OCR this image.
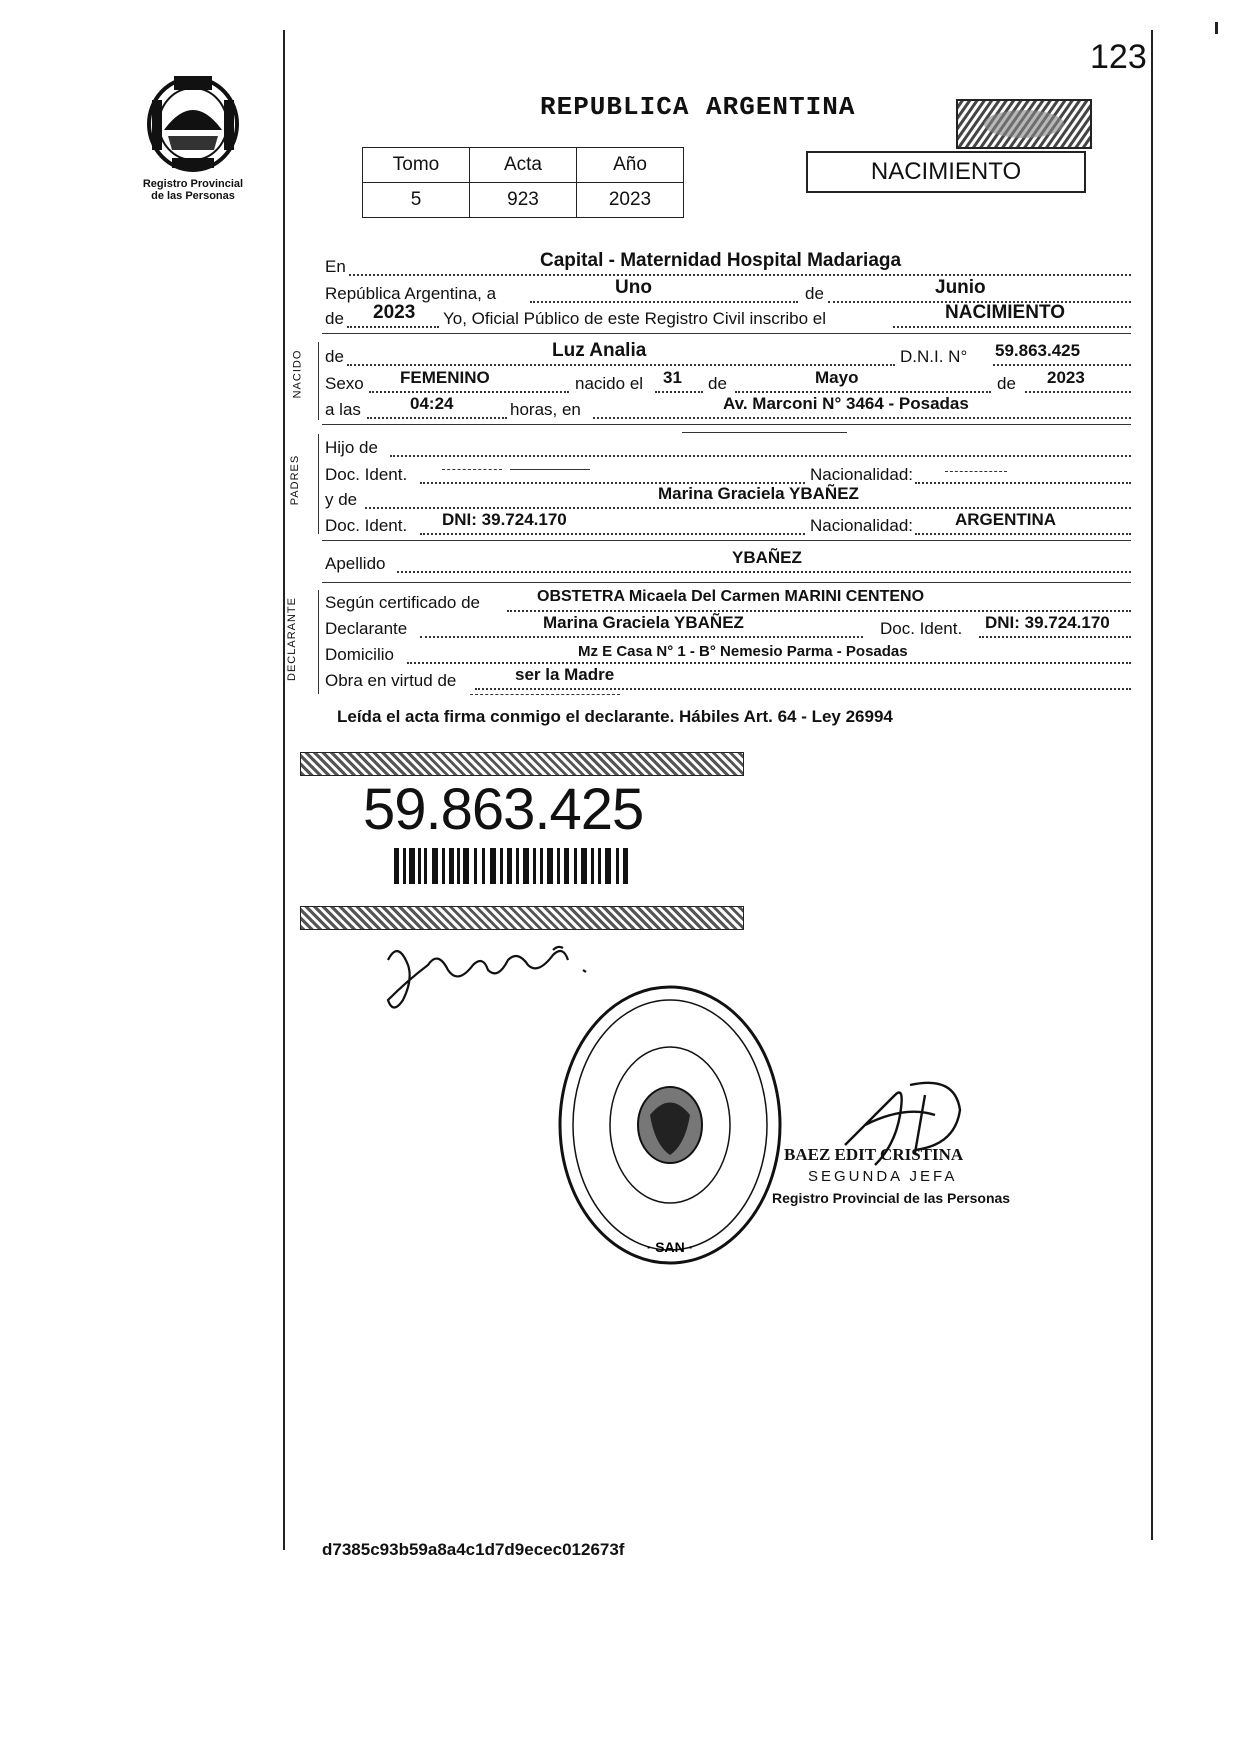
Registro Provincial
de las Personas
123
REPUBLICA ARGENTINA
Tomo	Acta	Año
5	923	2023
NACIMIENTO
En	Capital - Maternidad Hospital Madariaga
República Argentina, a	Uno	de	Junio
de 2023 Yo, Oficial Público de este Registro Civil inscribo el	NACIMIENTO
NACIDO de	Luz Analia	D.N.I. N° 59.863.425
Sexo FEMENINO	nacido el 31 de	Mayo	de 2023
a las	04:24	horas, en	Av. Marconi N° 3464 - Posadas
PADRES
Hijo de
Doc. Ident.	Nacionalidad:
y de	Marina Graciela YBAÑEZ
Doc. Ident. DNI: 39.724.170	Nacionalidad: ARGENTINA
Apellido	YBAÑEZ
DECLARANTE Según certificado de	OBSTETRA Micaela Del Carmen MARINI CENTENO
Declarante	Marina Graciela YBAÑEZ	Doc. Ident. DNI: 39.724.170
Domicilio	Mz E Casa N° 1 - B° Nemesio Parma - Posadas
Obra en virtud de	ser la Madre
Leída el acta firma conmigo el declarante. Hábiles Art. 64 - Ley 26994
59.863.425
· SAN ·
BAEZ EDIT CRISTINA
SEGUNDA JEFA
Registro Provincial de las Personas
d7385c93b59a8a4c1d7d9ecec012673f
